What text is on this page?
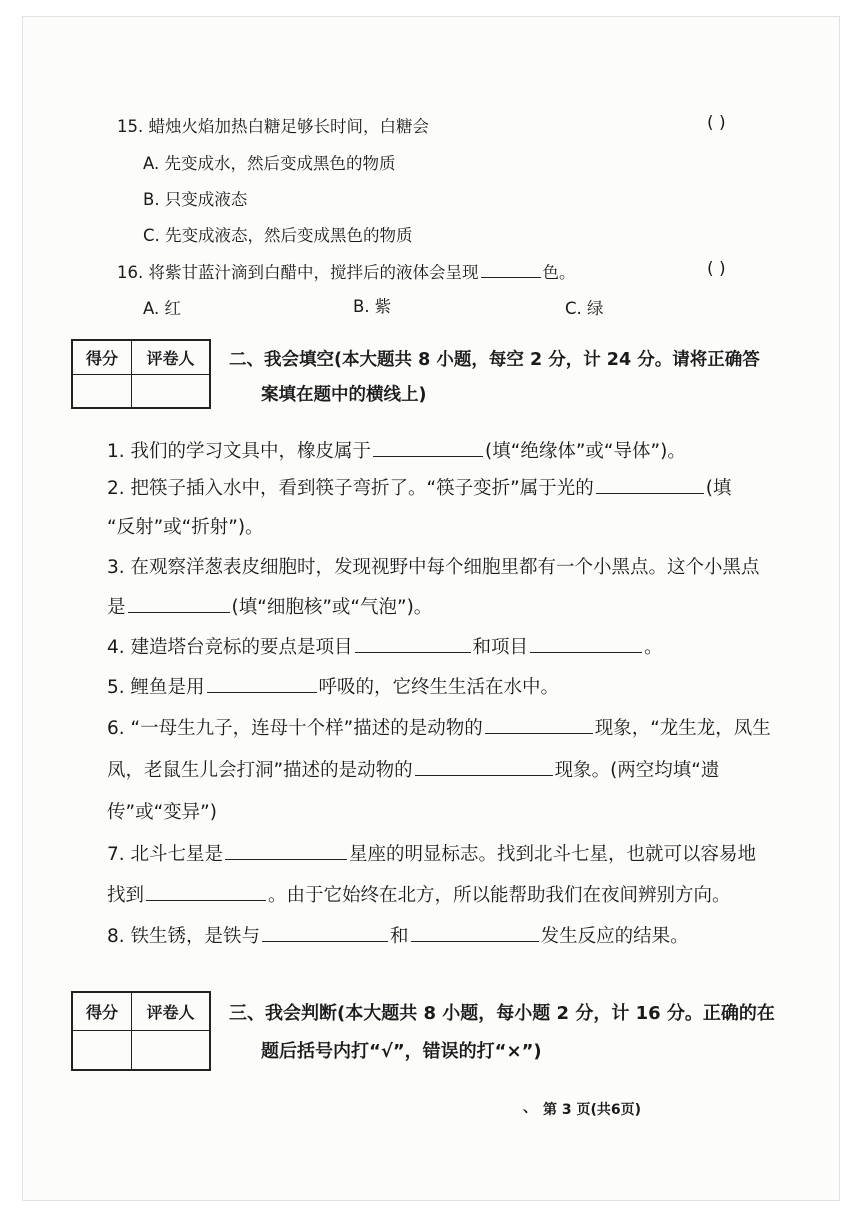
15. 蜡烛火焰加热白糖足够长时间，白糖会	( )
A. 先变成水，然后变成黑色的物质
B. 只变成液态
C. 先变成液态，然后变成黑色的物质
16. 将紫甘蓝汁滴到白醋中，搅拌后的液体会呈现	色。	( )
A. 红	B. 紫	C. 绿
得分	评卷人
	二、我会填空(本大题共 8 小题，每空 2 分，计 24 分。请将正确答
案填在题中的横线上)
1. 我们的学习文具中，橡皮属于	(填“绝缘体”或“导体”)。
2. 把筷子插入水中，看到筷子弯折了。“筷子变折”属于光的	(填
“反射”或“折射”)。
3. 在观察洋葱表皮细胞时，发现视野中每个细胞里都有一个小黑点。这个小黑点
是	(填“细胞核”或“气泡”)。
4. 建造塔台竞标的要点是项目	和项目	。
5. 鲤鱼是用	呼吸的，它终生生活在水中。
6. “一母生九子，连母十个样”描述的是动物的	现象，“龙生龙，凤生
凤，老鼠生儿会打洞”描述的是动物的	现象。(两空均填“遗
传”或“变异”)
7. 北斗七星是	星座的明显标志。找到北斗七星，也就可以容易地
找到	。由于它始终在北方，所以能帮助我们在夜间辨别方向。
8. 铁生锈，是铁与	和	发生反应的结果。
得分	评卷人
	三、我会判断(本大题共 8 小题，每小题 2 分，计 16 分。正确的在
题后括号内打“√”，错误的打“×”)
、 第 3 页(共6页)
